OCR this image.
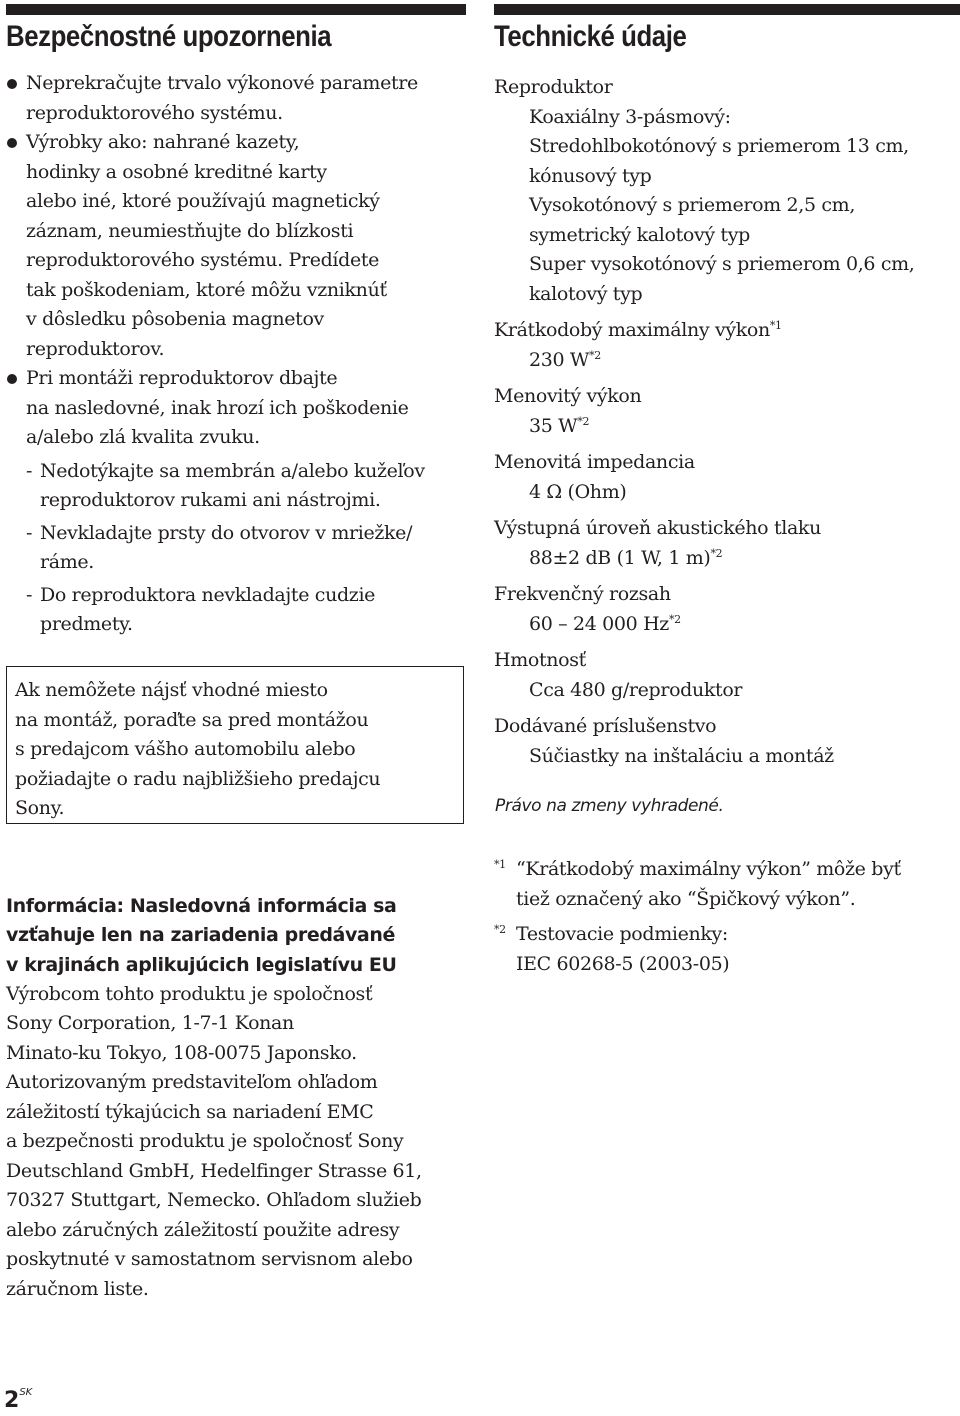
Bezpečnostné upozornenia
Neprekračujte trvalo výkonové parametre
reproduktorového systému.
Výrobky ako: nahrané kazety,
hodinky a osobné kreditné karty
alebo iné, ktoré používajú magnetický
záznam, neumiestňujte do blízkosti
reproduktorového systému. Predídete
tak poškodeniam, ktoré môžu vzniknúť
v dôsledku pôsobenia magnetov
reproduktorov.
Pri montáži reproduktorov dbajte
na nasledovné, inak hrozí ich poškodenie
a/alebo zlá kvalita zvuku.
- Nedotýkajte sa membrán a/alebo kužeľov
reproduktorov rukami ani nástrojmi.
- Nevkladajte prsty do otvorov v mriežke/
ráme.
- Do reproduktora nevkladajte cudzie
predmety.
Ak nemôžete nájsť vhodné miesto
na montáž, poraďte sa pred montážou
s predajcom vášho automobilu alebo
požiadajte o radu najbližšieho predajcu
Sony.
Informácia: Nasledovná informácia sa
vzťahuje len na zariadenia predávané
v krajinách aplikujúcich legislatívu EU
Výrobcom tohto produktu je spoločnosť
Sony Corporation, 1-7-1 Konan
Minato-ku Tokyo, 108-0075 Japonsko.
Autorizovaným predstaviteľom ohľadom
záležitostí týkajúcich sa nariadení EMC
a bezpečnosti produktu je spoločnosť Sony
Deutschland GmbH, Hedelfinger Strasse 61,
70327 Stuttgart, Nemecko. Ohľadom služieb
alebo záručných záležitostí použite adresy
poskytnuté v samostatnom servisnom alebo
záručnom liste.
Technické údaje
Reproduktor
Koaxiálny 3-pásmový:
Stredohlbokotónový s priemerom 13 cm,
kónusový typ
Vysokotónový s priemerom 2,5 cm,
symetrický kalotový typ
Super vysokotónový s priemerom 0,6 cm,
kalotový typ
Krátkodobý maximálny výkon$^{*1}$
230 $W^{*2}$
Menovitý výkon
35 $W^{*2}$
Menovitá impedancia
4 Ω (Ohm)
Výstupná úroveň akustického tlaku
88±2 dB (1 W, 1 m)$^{*2}$
Frekvenčný rozsah
60 – 24 000 Hz$^{*2}$
Hmotnosť
Cca 480 g/reproduktor
Dodávané príslušenstvo
Súčiastky na inštaláciu a montáž
Právo na zmeny vyhradené.
$^{*1}$ “Krátkodobý maximálny výkon” môže byť
tiež označený ako “Špičkový výkon”.
$^{*2}$ Testovacie podmienky:
IEC 60268-5 (2003-05)
$2^{SK}$
